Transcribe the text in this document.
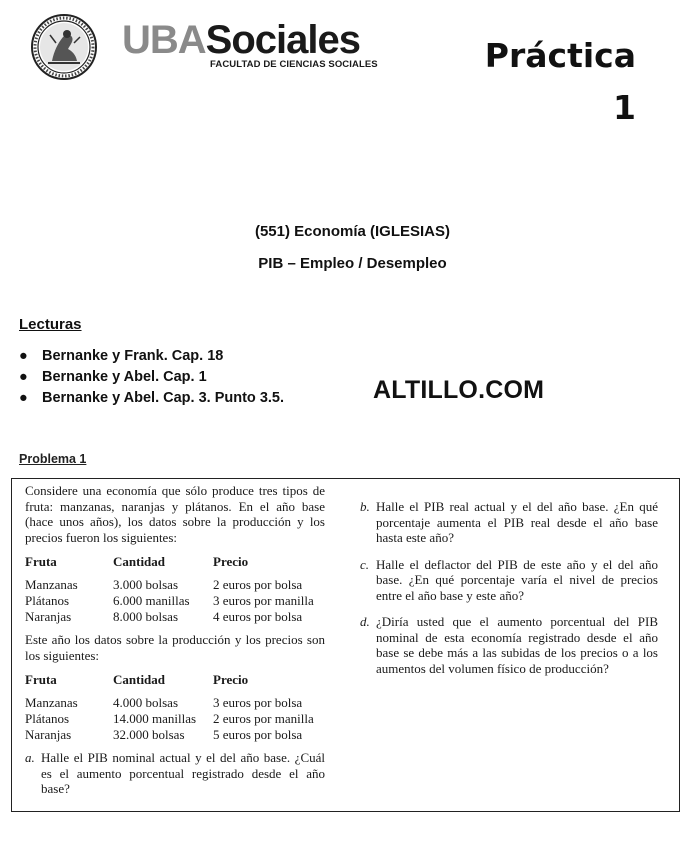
UBASociales
FACULTAD DE CIENCIAS SOCIALES	Práctica
1
(551) Economía (IGLESIAS)
PIB – Empleo / Desempleo
Lecturas
● Bernanke y Frank. Cap. 18
● Bernanke y Abel. Cap. 1
● Bernanke y Abel. Cap. 3. Punto 3.5.	ALTILLO.COM
Problema 1

Considere una economía que sólo produce tres tipos de fruta: manzanas, naranjas y plátanos. En el año base (hace unos años), los datos sobre la producción y los precios fueron los siguientes:

Fruta	Cantidad	Precio
Manzanas	3.000 bolsas	2 euros por bolsa
Plátanos	6.000 manillas	3 euros por manilla
Naranjas	8.000 bolsas	4 euros por bolsa

Este año los datos sobre la producción y los precios son los siguientes:

Fruta	Cantidad	Precio
Manzanas	4.000 bolsas	3 euros por bolsa
Plátanos	14.000 manillas	2 euros por manilla
Naranjas	32.000 bolsas	5 euros por bolsa
a. Halle el PIB nominal actual y el del año base. ¿Cuál es el aumento porcentual registrado desde el año base?
b. Halle el PIB real actual y el del año base. ¿En qué porcentaje aumenta el PIB real desde el año base hasta este año?
c. Halle el deflactor del PIB de este año y el del año base. ¿En qué porcentaje varía el nivel de precios entre el año base y este año?
d. ¿Diría usted que el aumento porcentual del PIB nominal de esta economía registrado desde el año base se debe más a las subidas de los precios o a los aumentos del volumen físico de producción?
